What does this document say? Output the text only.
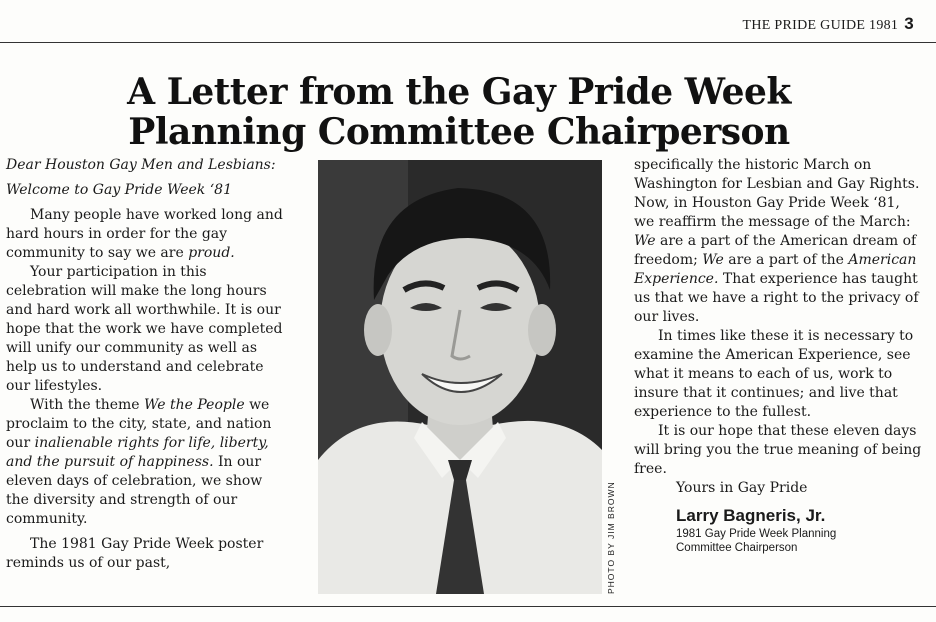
THE PRIDE GUIDE 1981 3
A Letter from the Gay Pride Week
Planning Committee Chairperson

Dear Houston Gay Men and Lesbians:

Welcome to Gay Pride Week ‘81

Many people have worked long and hard hours in order for the gay community to say we are proud.

Your participation in this celebration will make the long hours and hard work all worthwhile. It is our hope that the work we have completed will unify our community as well as help us to understand and celebrate our lifestyles.

With the theme We the People we proclaim to the city, state, and nation our inalienable rights for life, liberty, and the pursuit of happiness. In our eleven days of celebration, we show the diversity and strength of our community.

The 1981 Gay Pride Week poster reminds us of our past,	PHOTO BY JIM BROWN

specifically the historic March on Washington for Lesbian and Gay Rights. Now, in Houston Gay Pride Week ‘81, we reaffirm the message of the March: We are a part of the American dream of freedom; We are a part of the American Experience. That experience has taught us that we have a right to the privacy of our lives.

In times like these it is necessary to examine the American Experience, see what it means to each of us, work to insure that it continues; and live that experience to the fullest.

It is our hope that these eleven days will bring you the true meaning of being free.

Yours in Gay Pride

Larry Bagneris, Jr.
1981 Gay Pride Week Planning
Committee Chairperson
